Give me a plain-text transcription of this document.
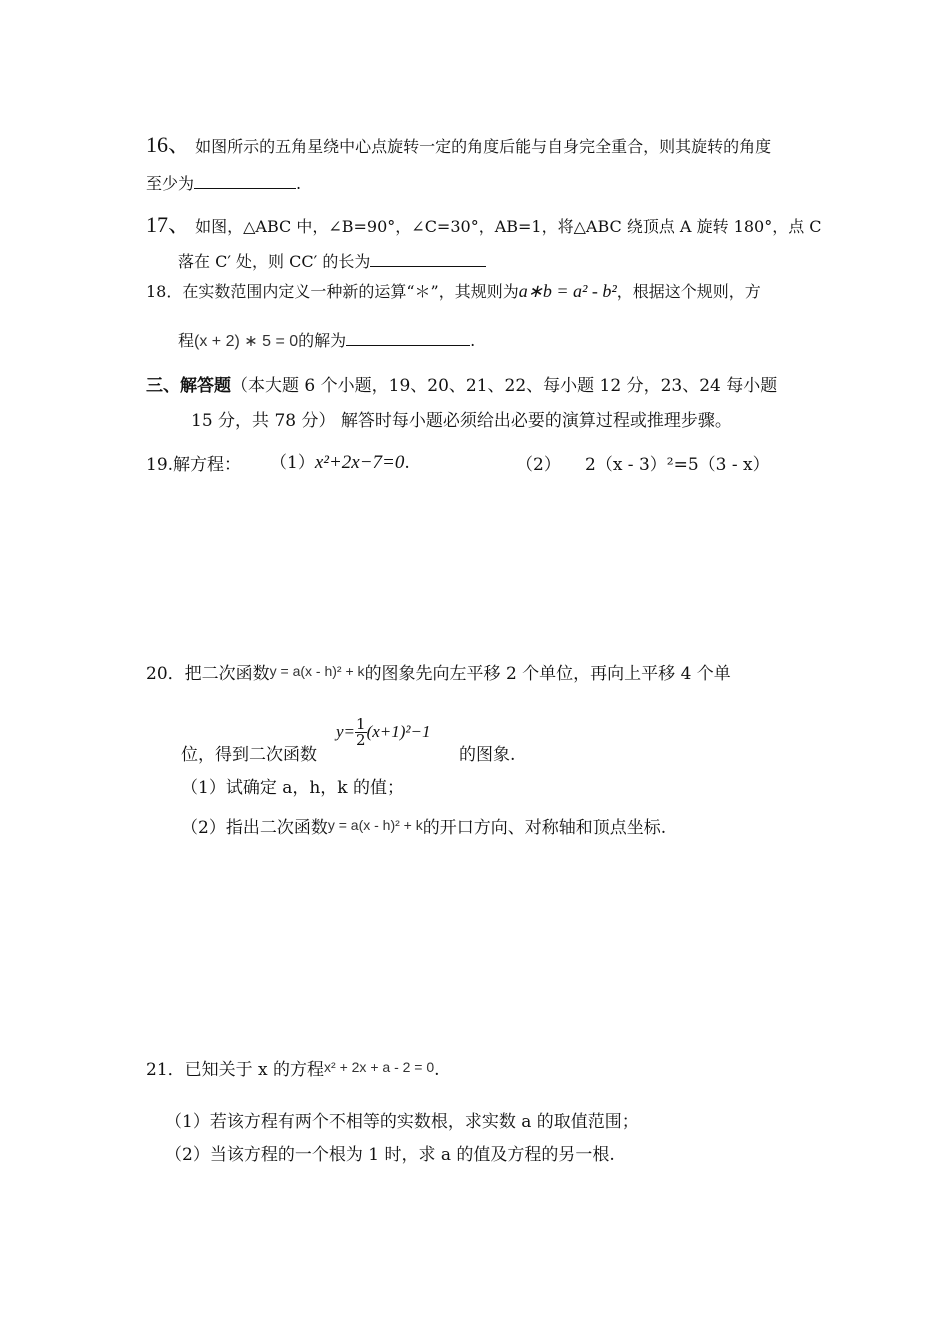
16、 如图所示的五角星绕中心点旋转一定的角度后能与自身完全重合，则其旋转的角度
至少为	.
17、 如图，△ABC 中，∠B=90°，∠C=30°，AB=1，将△ABC 绕顶点 A 旋转 180°，点 C
落在 C′ 处，则 CC′ 的长为
18．在实数范围内定义一种新的运算“＊”，其规则为a∗b = a² - b²，根据这个规则，方
程(x + 2) ∗ 5 = 0的解为	.
三、解答题（本大题 6 个小题，19、20、21、22、每小题 12 分，23、24 每小题
15 分，共 78 分） 解答时每小题必须给出必要的演算过程或推理步骤。
19.解方程： （1）x²+2x−7=0.	（2） 2（x - 3）²=5（3 - x）
20．把二次函数y = a(x - h)² + k的图象先向左平移 2 个单位，再向上平移 4 个单
位，得到二次函数
$y= \frac{1}{2} (x+1)^2-1$
的图象.
（1）试确定 a，h，k 的值；
（2）指出二次函数y = a(x - h)² + k的开口方向、对称轴和顶点坐标.
21．已知关于 x 的方程x² + 2x + a - 2 = 0.
（1）若该方程有两个不相等的实数根，求实数 a 的取值范围；
（2）当该方程的一个根为 1 时，求 a 的值及方程的另一根.
